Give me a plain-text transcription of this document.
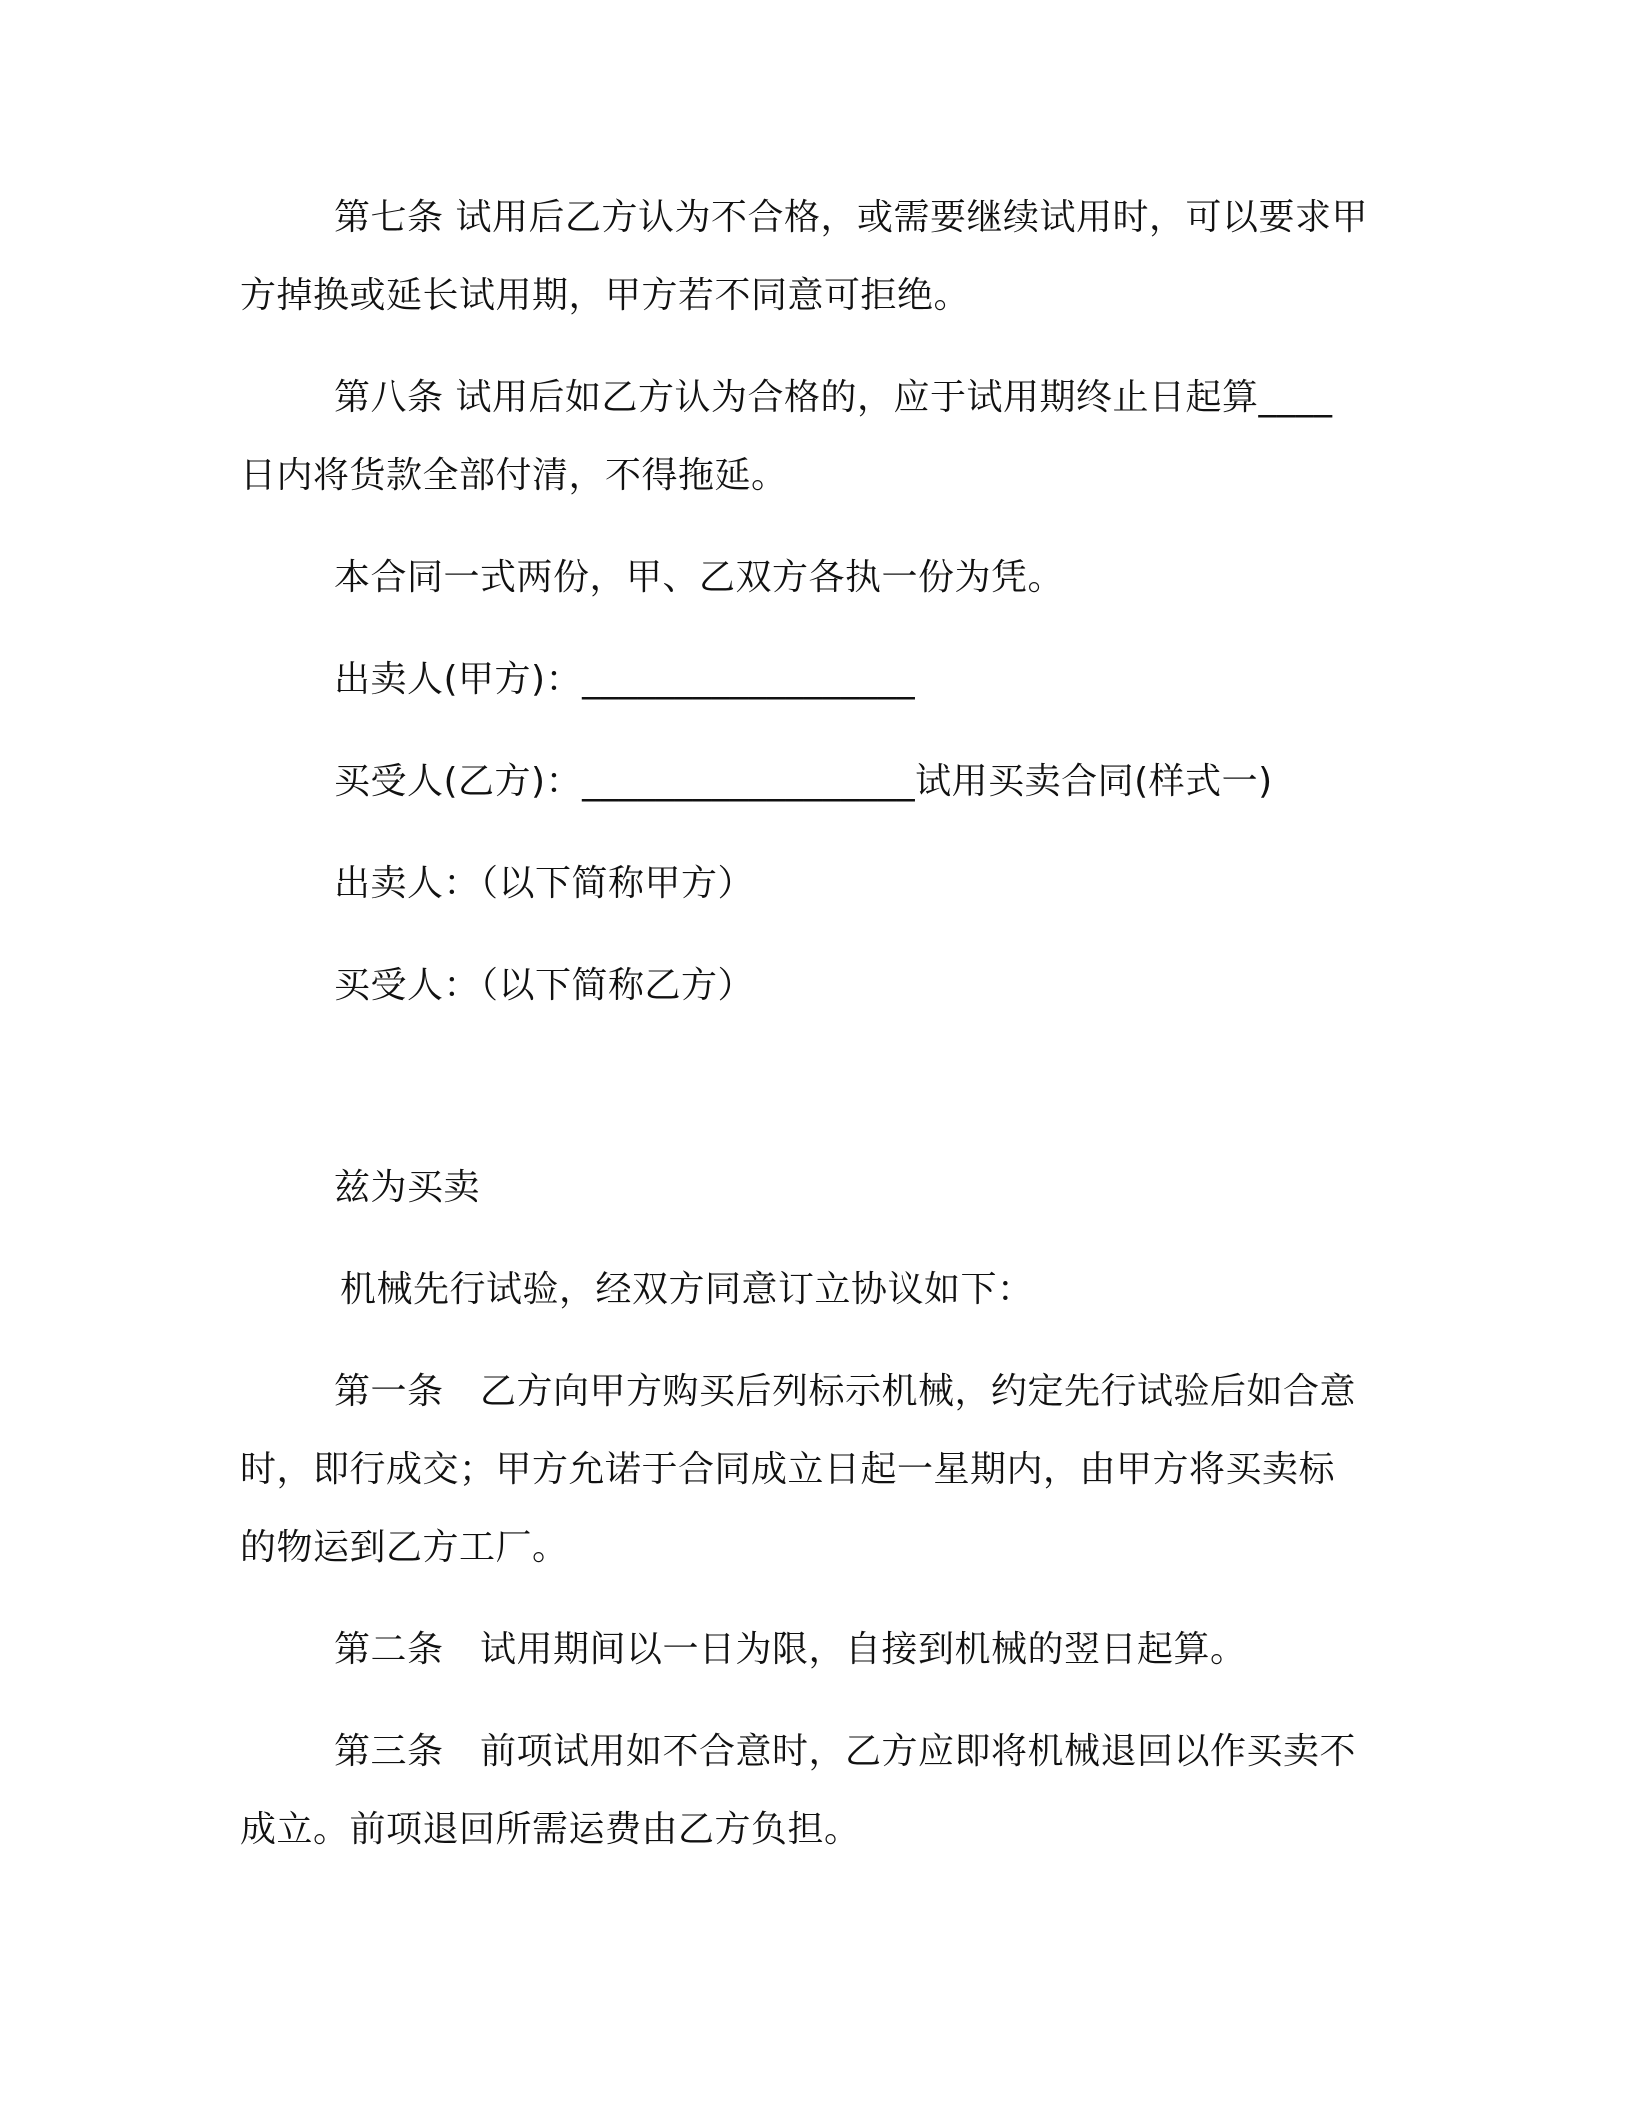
第七条 试用后乙方认为不合格，或需要继续试用时，可以要求甲
方掉换或延长试用期，甲方若不同意可拒绝。
第八条 试用后如乙方认为合格的，应于试用期终止日起算____
日内将货款全部付清，不得拖延。
本合同一式两份，甲、乙双方各执一份为凭。
出卖人(甲方)：__________________
买受人(乙方)：__________________试用买卖合同(样式一)
出卖人：（以下简称甲方）
买受人：（以下简称乙方）
兹为买卖
机械先行试验，经双方同意订立协议如下：
第一条　乙方向甲方购买后列标示机械，约定先行试验后如合意
时，即行成交；甲方允诺于合同成立日起一星期内，由甲方将买卖标
的物运到乙方工厂。
第二条　试用期间以一日为限，自接到机械的翌日起算。
第三条　前项试用如不合意时，乙方应即将机械退回以作买卖不
成立。前项退回所需运费由乙方负担。
